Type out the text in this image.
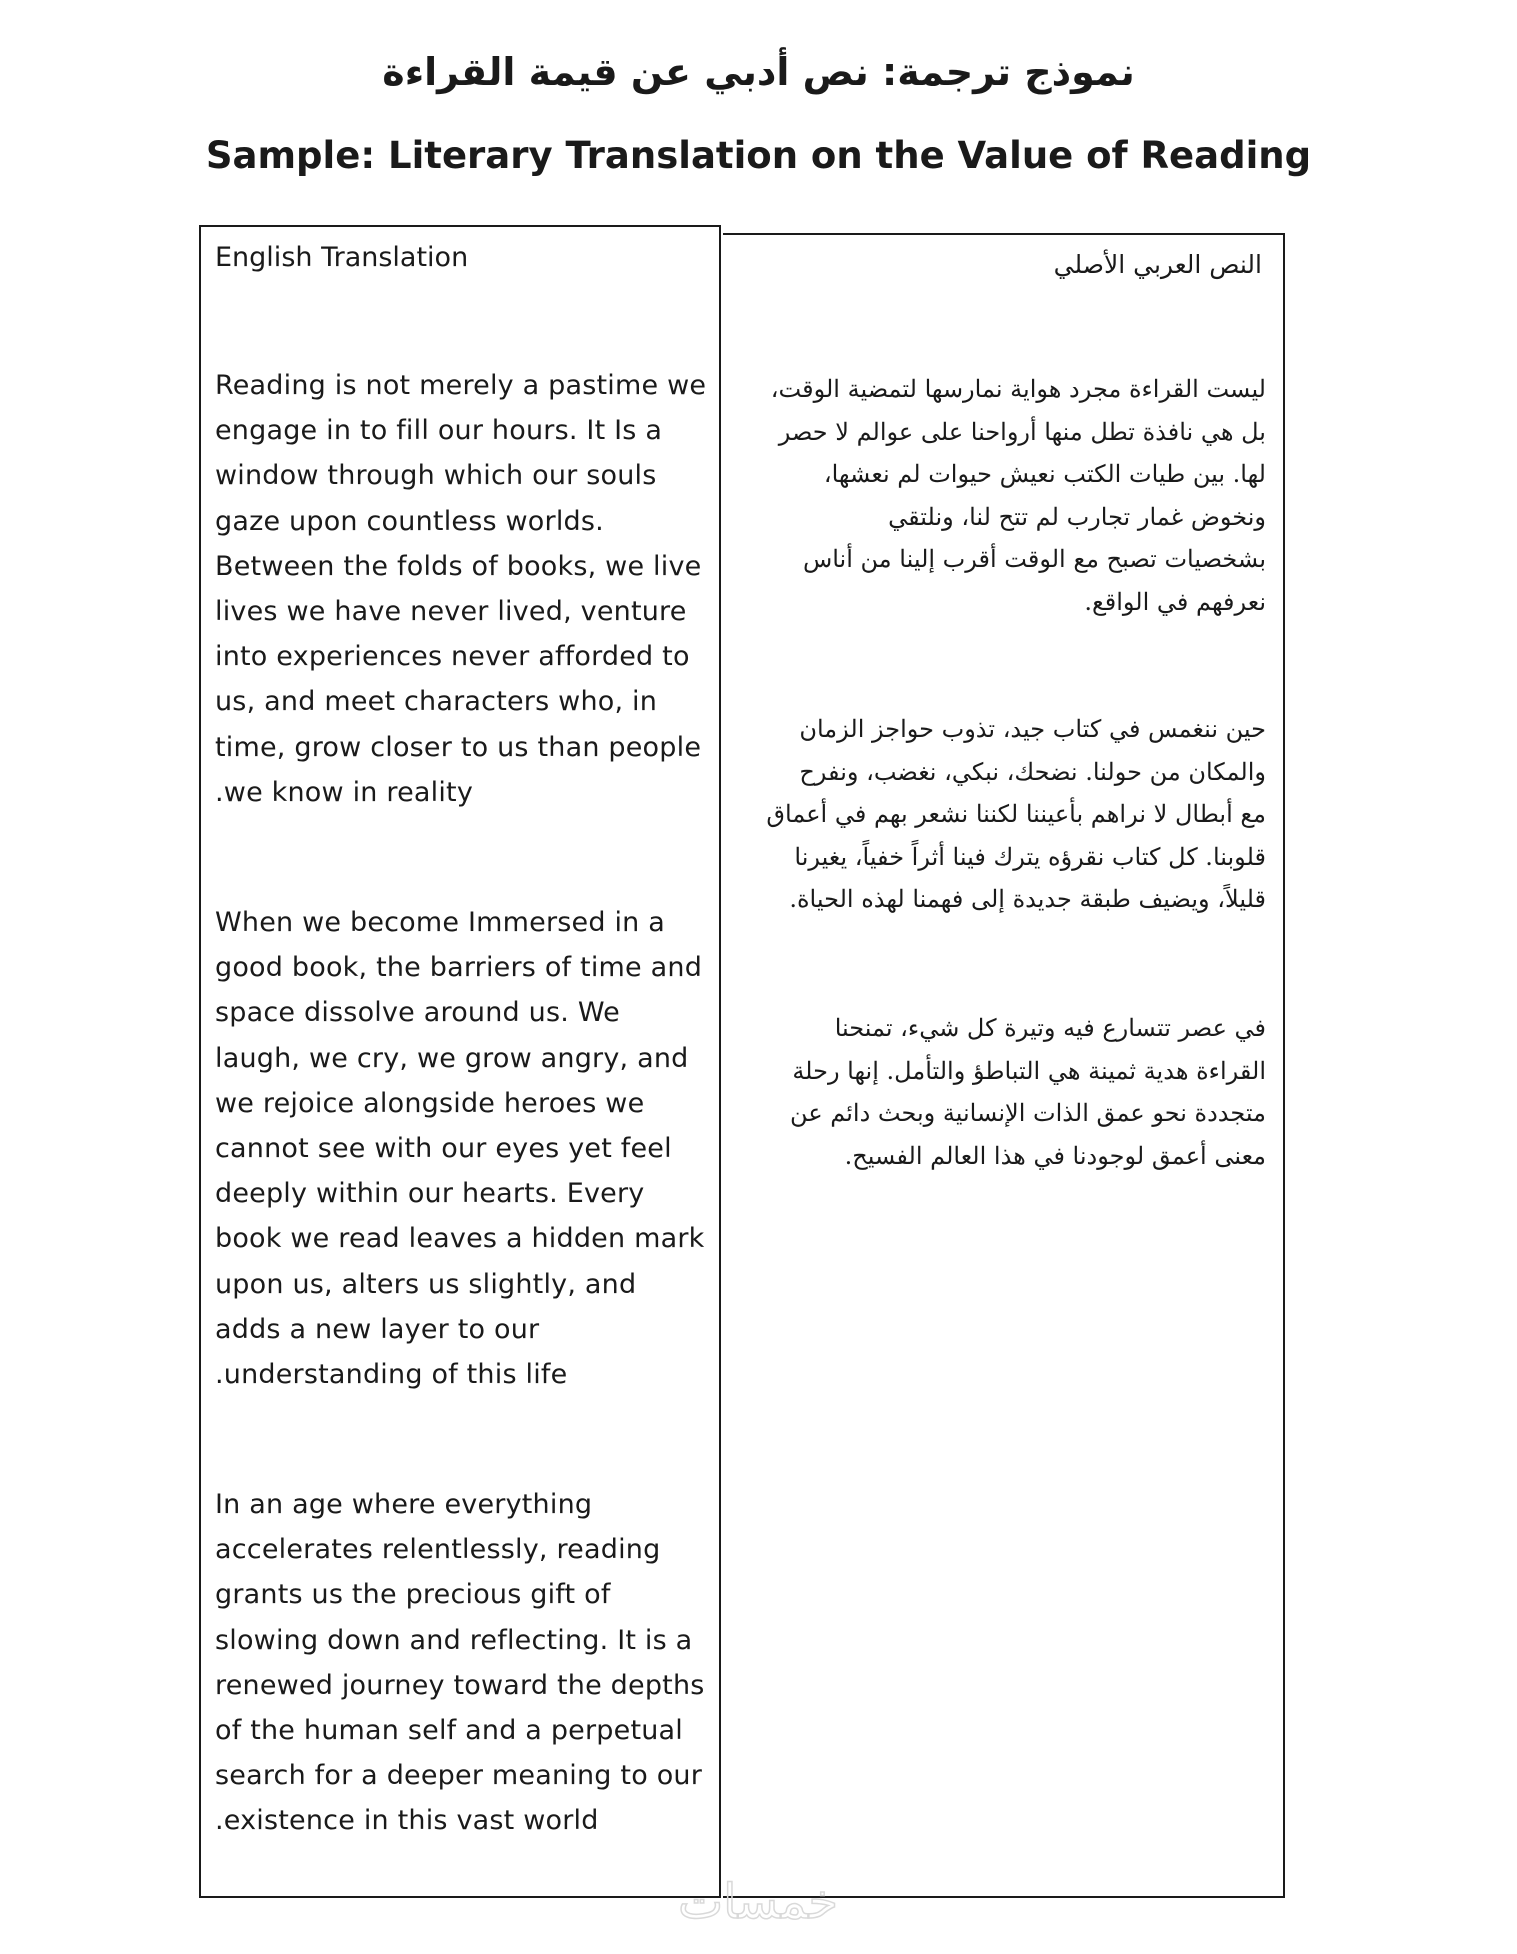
نموذج ترجمة: نص أدبي عن قيمة القراءة
Sample: Literary Translation on the Value of Reading
English Translation	النص العربي الأصلي
Reading is not merely a pastime we
engage in to fill our hours. It Is a
window through which our souls
gaze upon countless worlds.
Between the folds of books, we live
lives we have never lived, venture
into experiences never afforded to
us, and meet characters who, in
time, grow closer to us than people
.we know in reality
When we become Immersed in a
good book, the barriers of time and
space dissolve around us. We
laugh, we cry, we grow angry, and
we rejoice alongside heroes we
cannot see with our eyes yet feel
deeply within our hearts. Every
book we read leaves a hidden mark
upon us, alters us slightly, and
adds a new layer to our
.understanding of this life
In an age where everything
accelerates relentlessly, reading
grants us the precious gift of
slowing down and reflecting. It is a
renewed journey toward the depths
of the human self and a perpetual
search for a deeper meaning to our
.existence in this vast world
ليست القراءة مجرد هواية نمارسها لتمضية الوقت،
بل هي نافذة تطل منها أرواحنا على عوالم لا حصر
لها. بين طيات الكتب نعيش حيوات لم نعشها،
ونخوض غمار تجارب لم تتح لنا، ونلتقي
بشخصيات تصبح مع الوقت أقرب إلينا من أناس
نعرفهم في الواقع.
حين ننغمس في كتاب جيد، تذوب حواجز الزمان
والمكان من حولنا. نضحك، نبكي، نغضب، ونفرح
مع أبطال لا نراهم بأعيننا لكننا نشعر بهم في أعماق
قلوبنا. كل كتاب نقرؤه يترك فينا أثراً خفياً، يغيرنا
قليلاً، ويضيف طبقة جديدة إلى فهمنا لهذه الحياة.
في عصر تتسارع فيه وتيرة كل شيء، تمنحنا
القراءة هدية ثمينة هي التباطؤ والتأمل. إنها رحلة
متجددة نحو عمق الذات الإنسانية وبحث دائم عن
معنى أعمق لوجودنا في هذا العالم الفسيح.
خمسات
